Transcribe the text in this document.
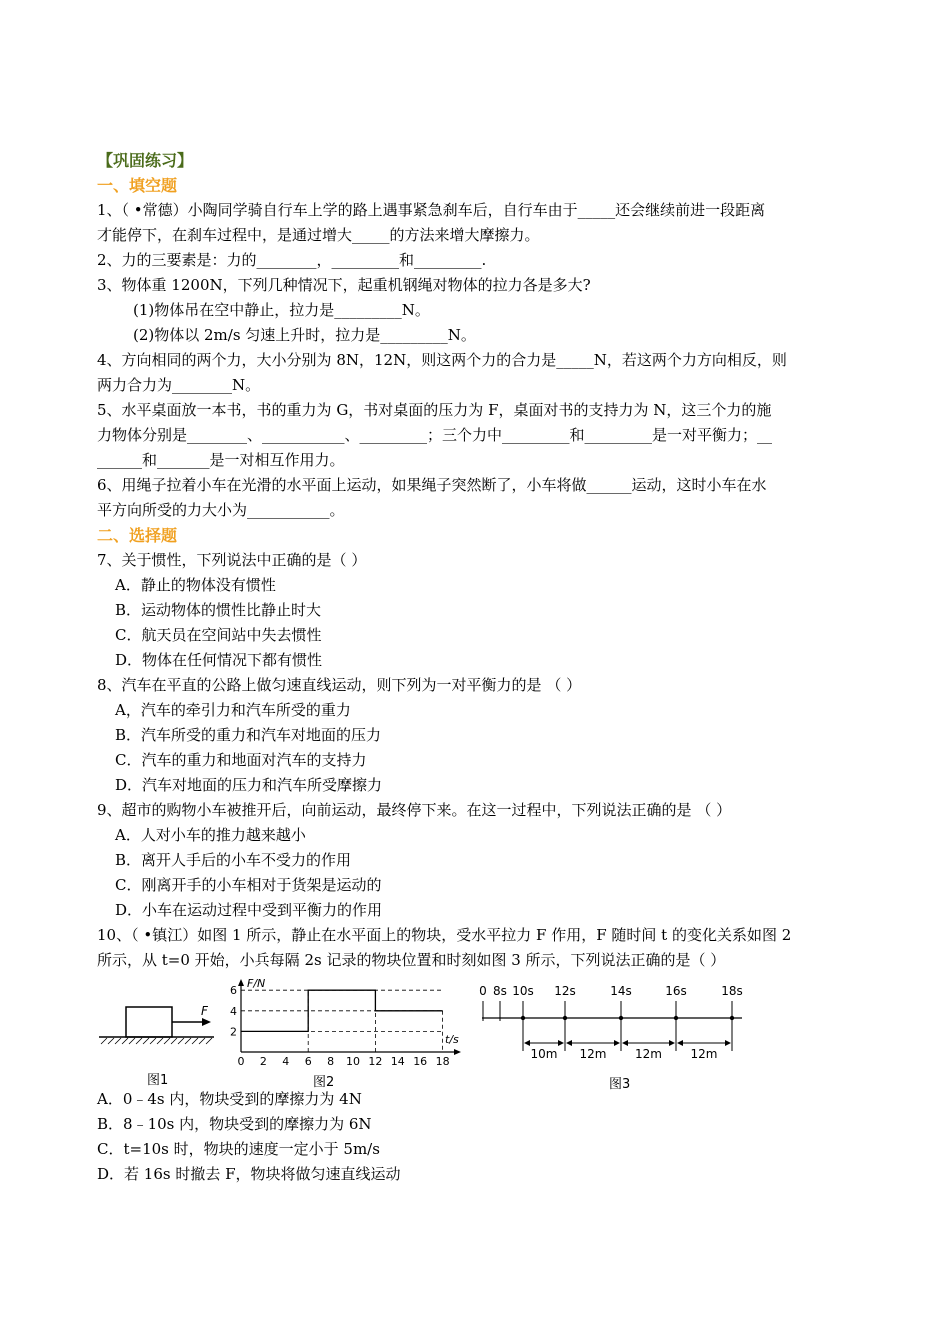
【巩固练习】
一、填空题
1、（ •常德）小陶同学骑自行车上学的路上遇事紧急刹车后，自行车由于_____还会继续前进一段距离
才能停下，在刹车过程中，是通过增大_____的方法来增大摩擦力。
2、力的三要素是：力的________，_________和_________.
3、物体重 1200N，下列几种情况下，起重机钢绳对物体的拉力各是多大?
(1)物体吊在空中静止，拉力是_________N。
(2)物体以 2m/s 匀速上升时，拉力是_________N。
4、方向相同的两个力，大小分别为 8N，12N，则这两个力的合力是_____N，若这两个力方向相反，则
两力合力为________N。
5、水平桌面放一本书，书的重力为 G，书对桌面的压力为 F，桌面对书的支持力为 N，这三个力的施
力物体分别是________、___________、_________；三个力中_________和_________是一对平衡力；__
______和_______是一对相互作用力。
6、用绳子拉着小车在光滑的水平面上运动，如果绳子突然断了，小车将做______运动，这时小车在水
平方向所受的力大小为___________。
二、选择题
7、关于惯性，下列说法中正确的是（ ）
A．静止的物体没有惯性
B．运动物体的惯性比静止时大
C．航天员在空间站中失去惯性
D．物体在任何情况下都有惯性
8、汽车在平直的公路上做匀速直线运动，则下列为一对平衡力的是 （ ）
A，汽车的牵引力和汽车所受的重力
B．汽车所受的重力和汽车对地面的压力
C．汽车的重力和地面对汽车的支持力
D．汽车对地面的压力和汽车所受摩擦力
9、超市的购物小车被推开后，向前运动，最终停下来。在这一过程中，下列说法正确的是 （ ）
A．人对小车的推力越来越小
B．离开人手后的小车不受力的作用
C．刚离开手的小车相对于货架是运动的
D．小车在运动过程中受到平衡力的作用
10、（ •镇江）如图 1 所示，静止在水平面上的物块，受水平拉力 F 作用，F 随时间 t 的变化关系如图 2
所示，从 t=0 开始，小兵每隔 2s 记录的物块位置和时刻如图 3 所示，下列说法正确的是（ ）
F
图1
F/N
t/s
0 2 4 6 8 10 12 14 16 18
2
4
6
图2
0 8s 10s 12s	14s	16s	18s
10m 12m 12m 12m
图3
A．0﹣4s 内，物块受到的摩擦力为 4N
B．8﹣10s 内，物块受到的摩擦力为 6N
C．t=10s 时，物块的速度一定小于 5m/s
D．若 16s 时撤去 F，物块将做匀速直线运动
